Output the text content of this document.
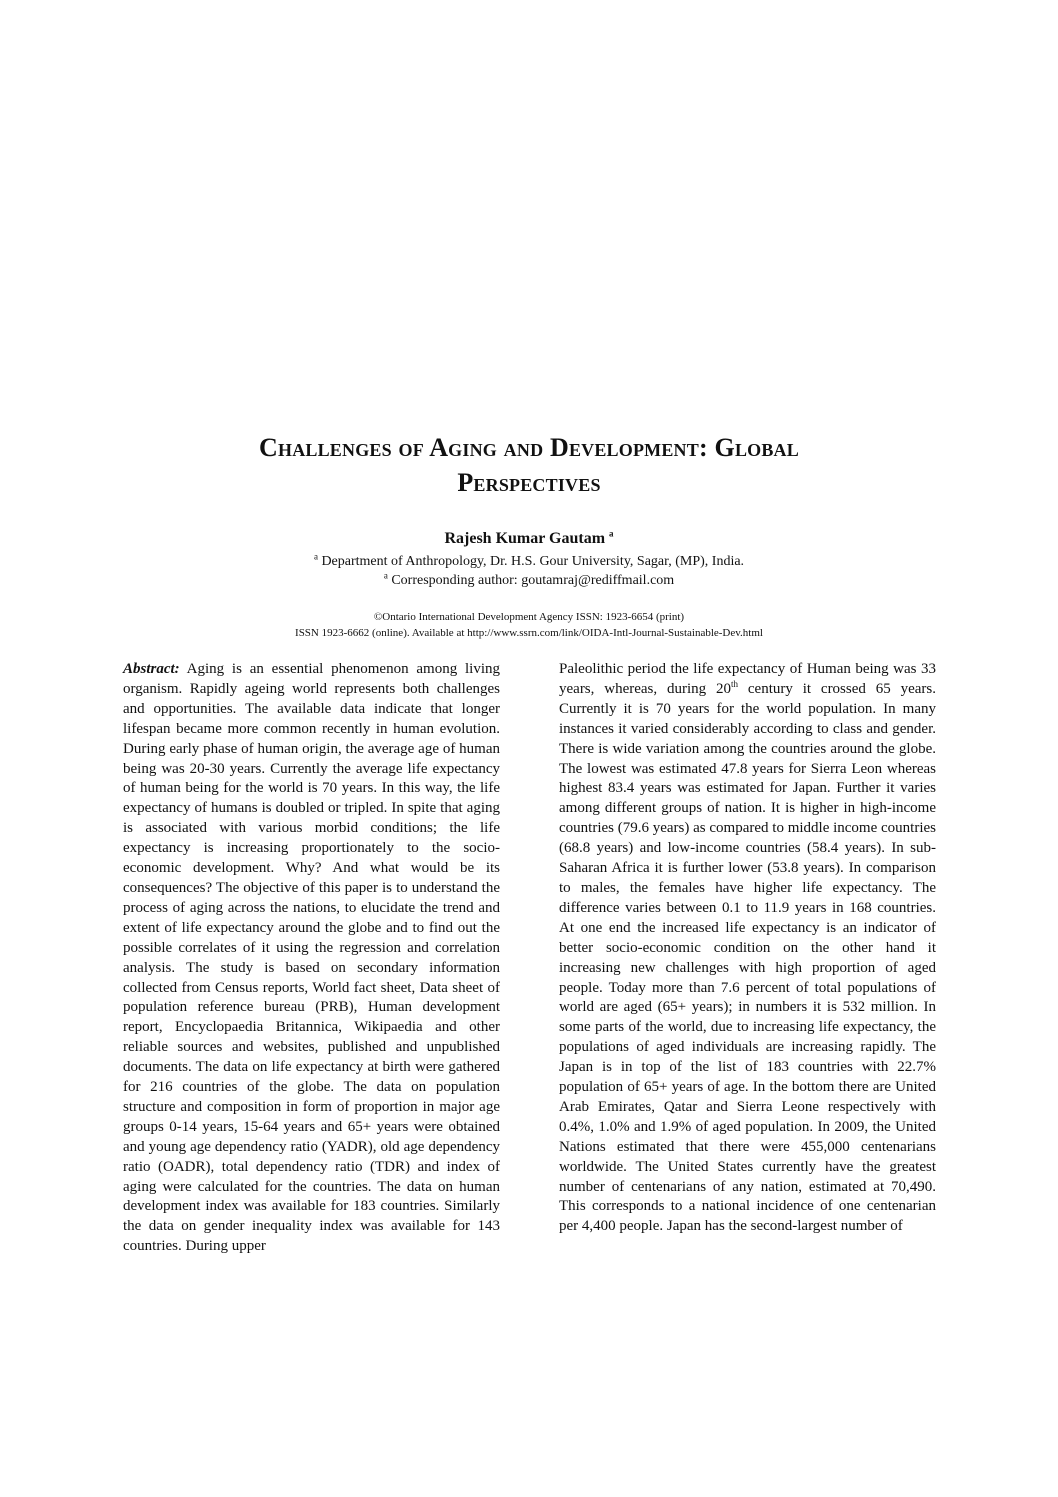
Challenges of Aging and Development: Global
Perspectives
Rajesh Kumar Gautam $^a$
$^a$ Department of Anthropology, Dr. H.S. Gour University, Sagar, (MP), India.
$^a$ Corresponding author: goutamraj@rediffmail.com
©Ontario International Development Agency ISSN: 1923-6654 (print)
ISSN 1923-6662 (online). Available at http://www.ssrn.com/link/OIDA-Intl-Journal-Sustainable-Dev.html

Abstract: Aging is an essential phenomenon among living organism. Rapidly ageing world represents both challenges and opportunities. The available data indicate that longer lifespan became more common recently in human evolution. During early phase of human origin, the average age of human being was 20-30 years. Currently the average life expectancy of human being for the world is 70 years. In this way, the life expectancy of humans is doubled or tripled. In spite that aging is associated with various morbid conditions; the life expectancy is increasing proportionately to the socio-economic development. Why? And what would be its consequences? The objective of this paper is to understand the process of aging across the nations, to elucidate the trend and extent of life expectancy around the globe and to find out the possible correlates of it using the regression and correlation analysis. The study is based on secondary information collected from Census reports, World fact sheet, Data sheet of population reference bureau (PRB), Human development report, Encyclopaedia Britannica, Wikipaedia and other reliable sources and websites, published and unpublished documents. The data on life expectancy at birth were gathered for 216 countries of the globe. The data on population structure and composition in form of proportion in major age groups 0-14 years, 15-64 years and 65+ years were obtained and young age dependency ratio (YADR), old age dependency ratio (OADR), total dependency ratio (TDR) and index of aging were calculated for the countries. The data on human development index was available for 183 countries. Similarly the data on gender inequality index was available for 143 countries. During upper

Paleolithic period the life expectancy of Human being was 33 years, whereas, during 20th century it crossed 65 years. Currently it is 70 years for the world population. In many instances it varied considerably according to class and gender. There is wide variation among the countries around the globe. The lowest was estimated 47.8 years for Sierra Leon whereas highest 83.4 years was estimated for Japan. Further it varies among different groups of nation. It is higher in high-income countries (79.6 years) as compared to middle income countries (68.8 years) and low-income countries (58.4 years). In sub-Saharan Africa it is further lower (53.8 years). In comparison to males, the females have higher life expectancy. The difference varies between 0.1 to 11.9 years in 168 countries. At one end the increased life expectancy is an indicator of better socio-economic condition on the other hand it increasing new challenges with high proportion of aged people. Today more than 7.6 percent of total populations of world are aged (65+ years); in numbers it is 532 million. In some parts of the world, due to increasing life expectancy, the populations of aged individuals are increasing rapidly. The Japan is in top of the list of 183 countries with 22.7% population of 65+ years of age. In the bottom there are United Arab Emirates, Qatar and Sierra Leone respectively with 0.4%, 1.0% and 1.9% of aged population. In 2009, the United Nations estimated that there were 455,000 centenarians worldwide. The United States currently have the greatest number of centenarians of any nation, estimated at 70,490. This corresponds to a national incidence of one centenarian per 4,400 people. Japan has the second-largest number of
